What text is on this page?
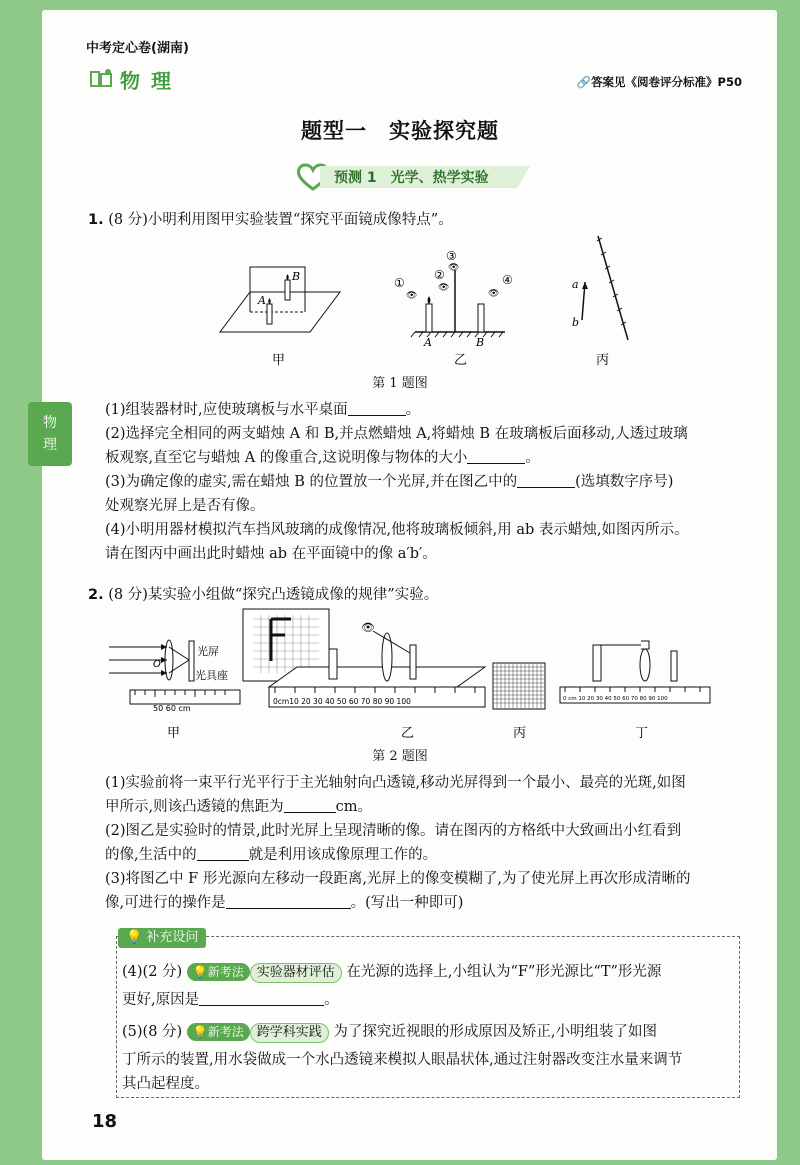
物
理
中考定心卷(湖南)
物 理	🔗答案见《阅卷评分标准》P50
题型一　实验探究题
预测 1　光学、热学实验
1. (8 分)小明利用图甲实验装置“探究平面镜成像特点”。
A
B	①
②
③
④
👁
👁
👁
👁
A	B
a
b
甲	乙	丙
第 1 题图
(1)组装器材时,应使玻璃板与水平桌面	。
(2)选择完全相同的两支蜡烛 A 和 B,并点燃蜡烛 A,将蜡烛 B 在玻璃板后面移动,人透过玻璃
板观察,直至它与蜡烛 A 的像重合,这说明像与物体的大小	。
(3)为确定像的虚实,需在蜡烛 B 的位置放一个光屏,并在图乙中的	(选填数字序号)
处观察光屏上是否有像。
(4)小明用器材模拟汽车挡风玻璃的成像情况,他将玻璃板倾斜,用 ab 表示蜡烛,如图丙所示。
请在图丙中画出此时蜡烛 ab 在平面镜中的像 a′b′。
2. (8 分)某实验小组做“探究凸透镜成像的规律”实验。
O
光屏
光具座
50 60 cm
0cm10 20 30 40 50 60 70 80 90 100
👁
0 cm 10 20 30 40 50 60 70 80 90 100
甲	乙	丙	丁
第 2 题图
(1)实验前将一束平行光平行于主光轴射向凸透镜,移动光屏得到一个最小、最亮的光斑,如图
甲所示,则该凸透镜的焦距为	cm。
(2)图乙是实验时的情景,此时光屏上呈现清晰的像。请在图丙的方格纸中大致画出小红看到
的像,生活中的	就是利用该成像原理工作的。
(3)将图乙中 F 形光源向左移动一段距离,光屏上的像变模糊了,为了使光屏上再次形成清晰的
像,可进行的操作是	。(写出一种即可)
💡 补充设问
(4)(2 分) 💡新考法 实验器材评估 在光源的选择上,小组认为“F”形光源比“T”形光源
更好,原因是	。
(5)(8 分) 💡新考法 跨学科实践 为了探究近视眼的形成原因及矫正,小明组装了如图
丁所示的装置,用水袋做成一个水凸透镜来模拟人眼晶状体,通过注射器改变注水量来调节
其凸起程度。
18
